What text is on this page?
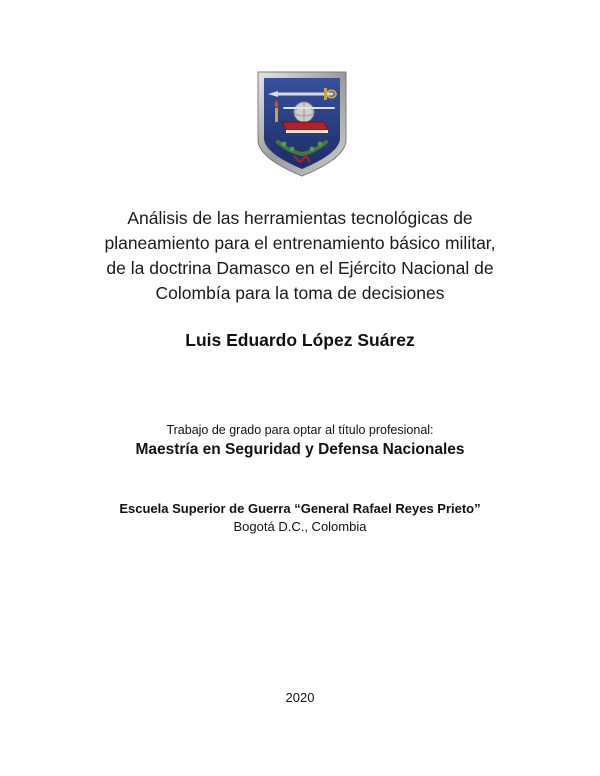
Análisis de las herramientas tecnológicas de
planeamiento para el entrenamiento básico militar,
de la doctrina Damasco en el Ejército Nacional de
Colombía para la toma de decisiones
Luis Eduardo López Suárez
Trabajo de grado para optar al título profesional:
Maestría en Seguridad y Defensa Nacionales
Escuela Superior de Guerra “General Rafael Reyes Prieto”
Bogotá D.C., Colombia
2020
